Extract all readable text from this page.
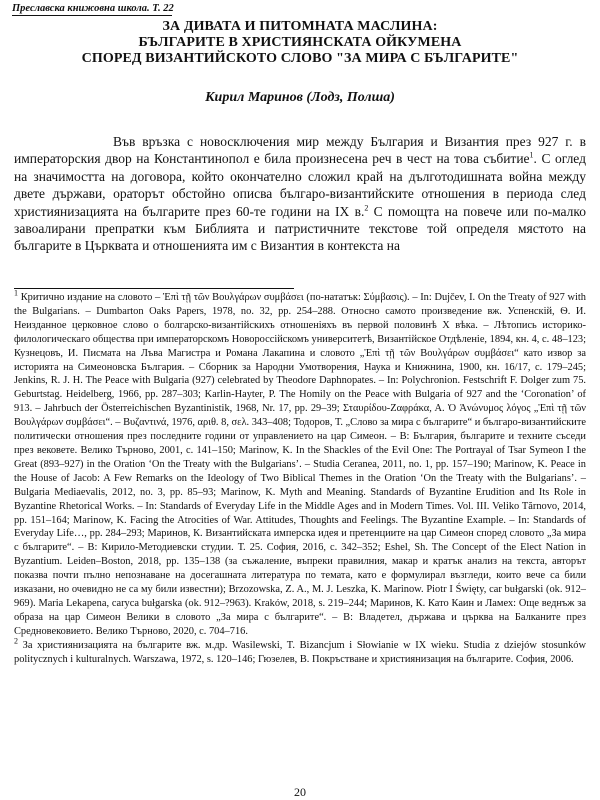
Преславска книжовна школа. Т. 22
ЗА ДИВАТА И ПИТОМНАТА МАСЛИНА:
БЪЛГАРИТЕ В ХРИСТИЯНСКАТА ОЙКУМЕНА
СПОРЕД ВИЗАНТИЙСКОТО СЛОВО "ЗА МИРА С БЪЛГАРИТЕ"
Кирил Маринов (Лодз, Полша)
Във връзка с новосключения мир между България и Византия през 927 г. в императорския двор на Константинопол е била произнесена реч в чест на това събитие$^1$. С оглед на значимостта на договора, който окончателно сложил край на дълготодишната война между двете държави, ораторът обстойно описва българо-византийските отношения в периода след християнизацията на българите през 60-те години на IX в.$^2$ С помощта на повече или по-малко завоалирани препратки към Библията и патристичните текстове той определя мястото на българите в Църквата и отношенията им с Византия в контекста на

$^1$ Критично издание на словото – Ἐπὶ τῇ τῶν Βουλγάρων συμβάσει (по-нататък: Σύμβασις). – In: Dujčev, I. On the Treaty of 927 with the Bulgarians. – Dumbarton Oaks Papers, 1978, no. 32, pp. 254–288. Относно самото произведение вж. Успенскій, Ѳ. И. Неизданное церковное слово о болгарско-византійскихъ отношеніяхъ въ первой половинѣ Х вѣка. – Лѣтопись историко-филологическаго общества при императорскомъ Новороссійскомъ университетѣ, Византійское Отдѣленіе, 1894, кн. 4, с. 48–123; Кузнецовъ, И. Писмата на Лъва Магистра и Романа Лакапина и словото „Ἐπὶ τῇ τῶν Βουλγάρων συμβάσει“ като извор за историята на Симеоновска България. – Сборник за Народни Умотворения, Наука и Книжнина, 1900, кн. 16/17, с. 179–245; Jenkins, R. J. H. The Peace with Bulgaria (927) celebrated by Theodore Daphnopates. – In: Polychronion. Festschrift F. Dolger zum 75. Geburtstag. Heidelberg, 1966, pp. 287–303; Karlin-Hayter, P. The Homily on the Peace with Bulgaria of 927 and the ‘Coronation’ of 913. – Jahrbuch der Österreichischen Byzantinistik, 1968, Nr. 17, pp. 29–39; Σταυρίδου-Ζαφράκα, Α. Ὁ Ἀνώνυμος λόγος „Ἐπὶ τῇ τῶν Βουλγάρων συμβάσει“. – Βυζαντινά, 1976, αριθ. 8, σελ. 343–408; Тодоров, Т. „Слово за мира с българите“ и българо-византийските политически отношения през последните години от управлението на цар Симеон. – В: България, българите и техните съседи през вековете. Велико Търново, 2001, с. 141–150; Marinow, K. In the Shackles of the Evil One: The Portrayal of Tsar Symeon I the Great (893–927) in the Oration ‘On the Treaty with the Bulgarians’. – Studia Ceranea, 2011, no. 1, pp. 157–190; Marinow, K. Peace in the House of Jacob: A Few Remarks on the Ideology of Two Biblical Themes in the Oration ‘On the Treaty with the Bulgarians’. – Bulgaria Mediaevalis, 2012, no. 3, pp. 85–93; Marinow, K. Myth and Meaning. Standards of Byzantine Erudition and Its Role in Byzantine Rhetorical Works. – In: Standards of Everyday Life in the Middle Ages and in Modern Times. Vol. III. Veliko Tărnovo, 2014, pp. 151–164; Marinow, K. Facing the Atrocities of War. Attitudes, Thoughts and Feelings. The Byzantine Example. – In: Standards of Everyday Life…, pp. 284–293; Маринов, К. Византийската имперска идея и претенциите на цар Симеон според словото „За мира с българите“. – В: Кирило-Методиевски студии. Т. 25. София, 2016, с. 342–352; Eshel, Sh. The Concept of the Elect Nation in Byzantium. Leiden–Boston, 2018, pp. 135–138 (за съжаление, въпреки правилния, макар и кратък анализ на текста, авторът показва почти пълно непознаване на досегашната литература по темата, като е формулирал възгледи, които вече са били изказани, но очевидно не са му били известни); Brzozowska, Z. A., M. J. Leszka, K. Marinow. Piotr I Święty, car bułgarski (ok. 912–969). Maria Lekapena, caryca bułgarska (ok. 912–?963). Kraków, 2018, s. 219–244; Маринов, К. Като Каин и Ламех: Още веднъж за образа на цар Симеон Велики в словото „За мира с българите“. – В: Владетел, държава и църква на Балканите през Средновековието. Велико Търново, 2020, с. 704–716.

$^2$ За християнизацията на българите вж. м.др. Wasilewski, T. Bizancjum i Słowianie w IX wieku. Studia z dziejów stosunków politycznych i kulturalnych. Warszawa, 1972, s. 120–146; Гюзелев, В. Покръстване и християнизация на българите. София, 2006.

20
